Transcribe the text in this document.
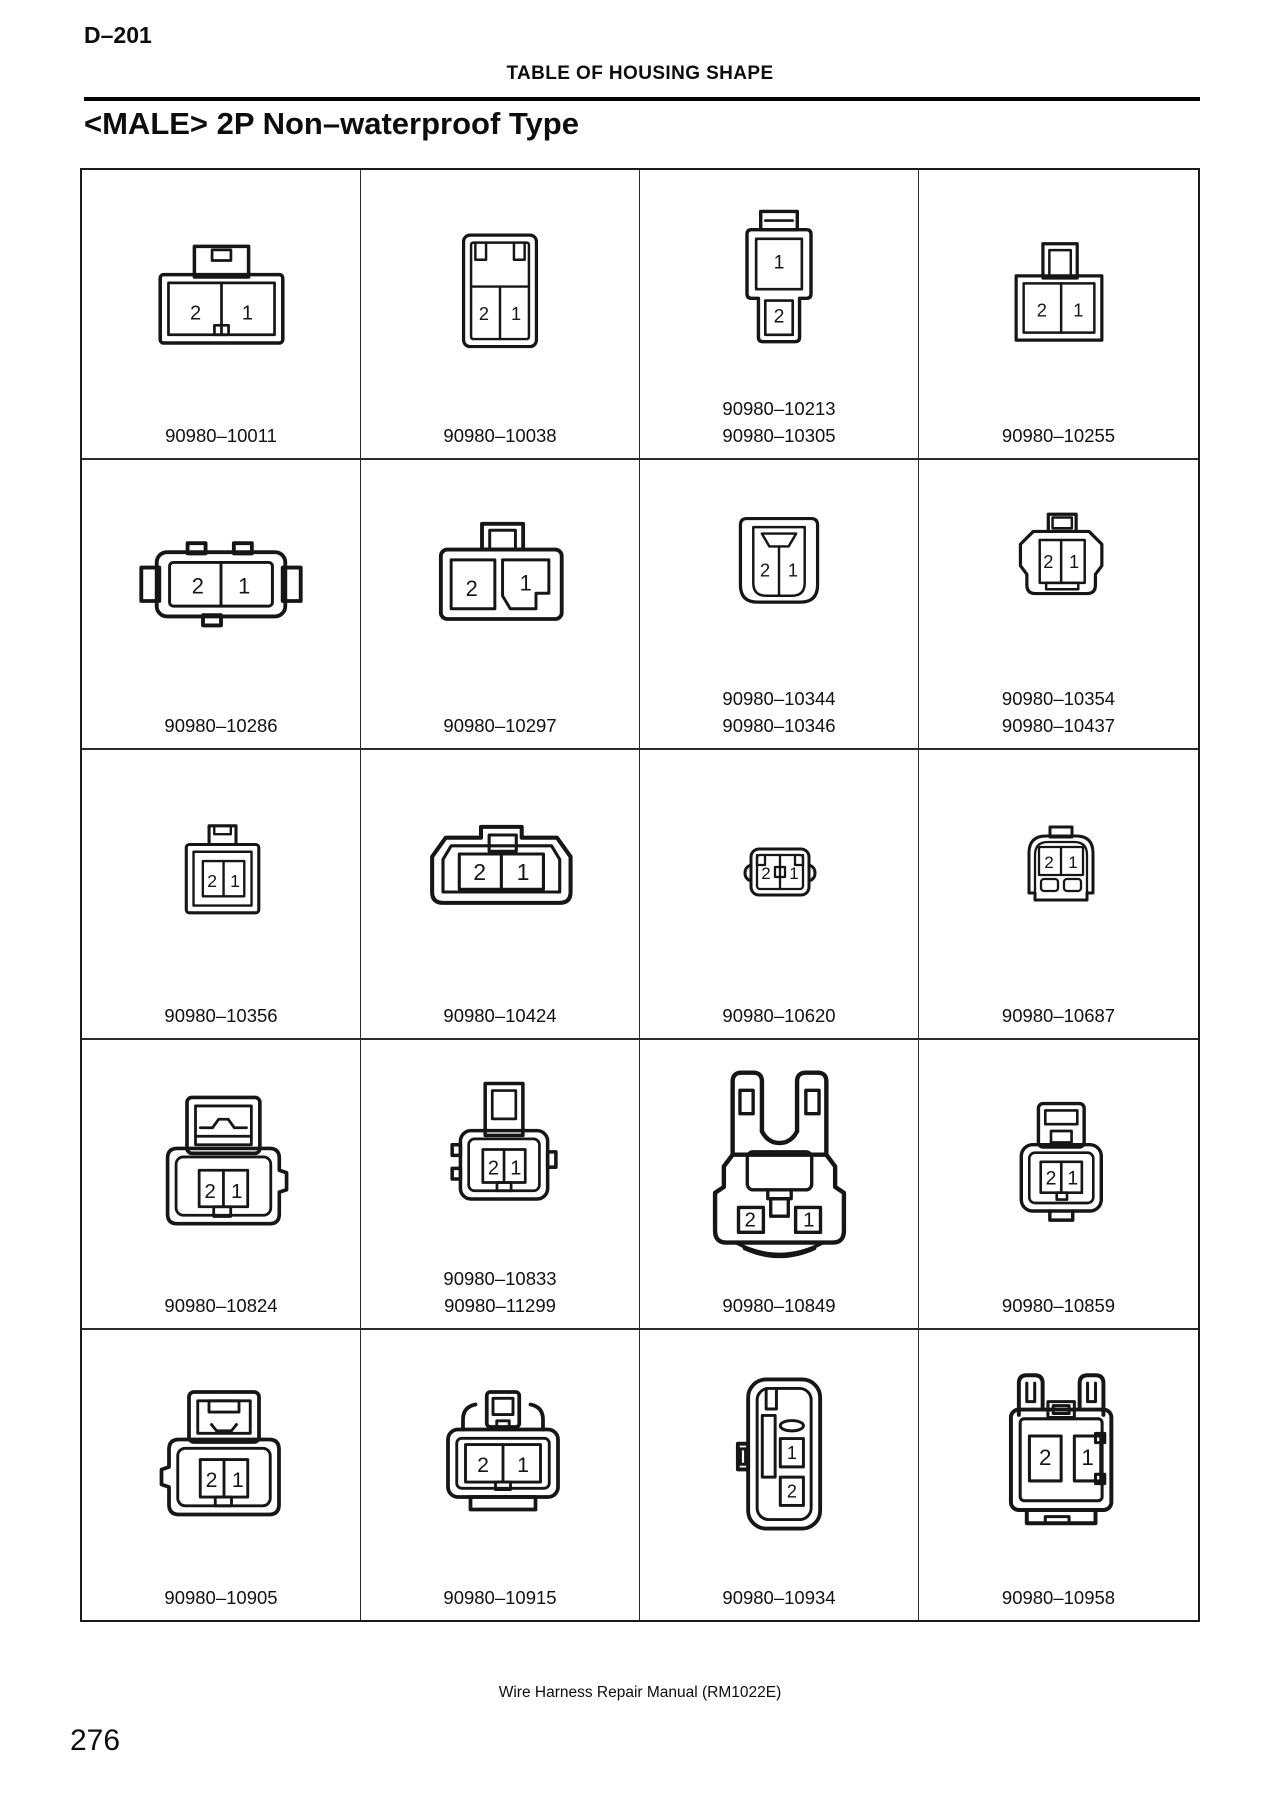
D–201
TABLE OF HOUSING SHAPE
<MALE> 2P Non–waterproof Type
2 1
90980–10011
2 1
90980–10038
1
2
90980–10213
90980–10305
2 1
90980–10255
2 1
90980–10286
2 1
90980–10297
2 1
90980–10344
90980–10346
2 1
90980–10354
90980–10437
2 1
90980–10356
2 1
90980–10424
2 1
90980–10620
2 1
90980–10687
2 1
90980–10824
2 1
90980–10833
90980–11299
2	1
90980–10849
2 1
90980–10859
2 1
90980–10905
2 1
90980–10915
1
2
90980–10934
2 1
90980–10958
Wire Harness Repair Manual (RM1022E)
276
